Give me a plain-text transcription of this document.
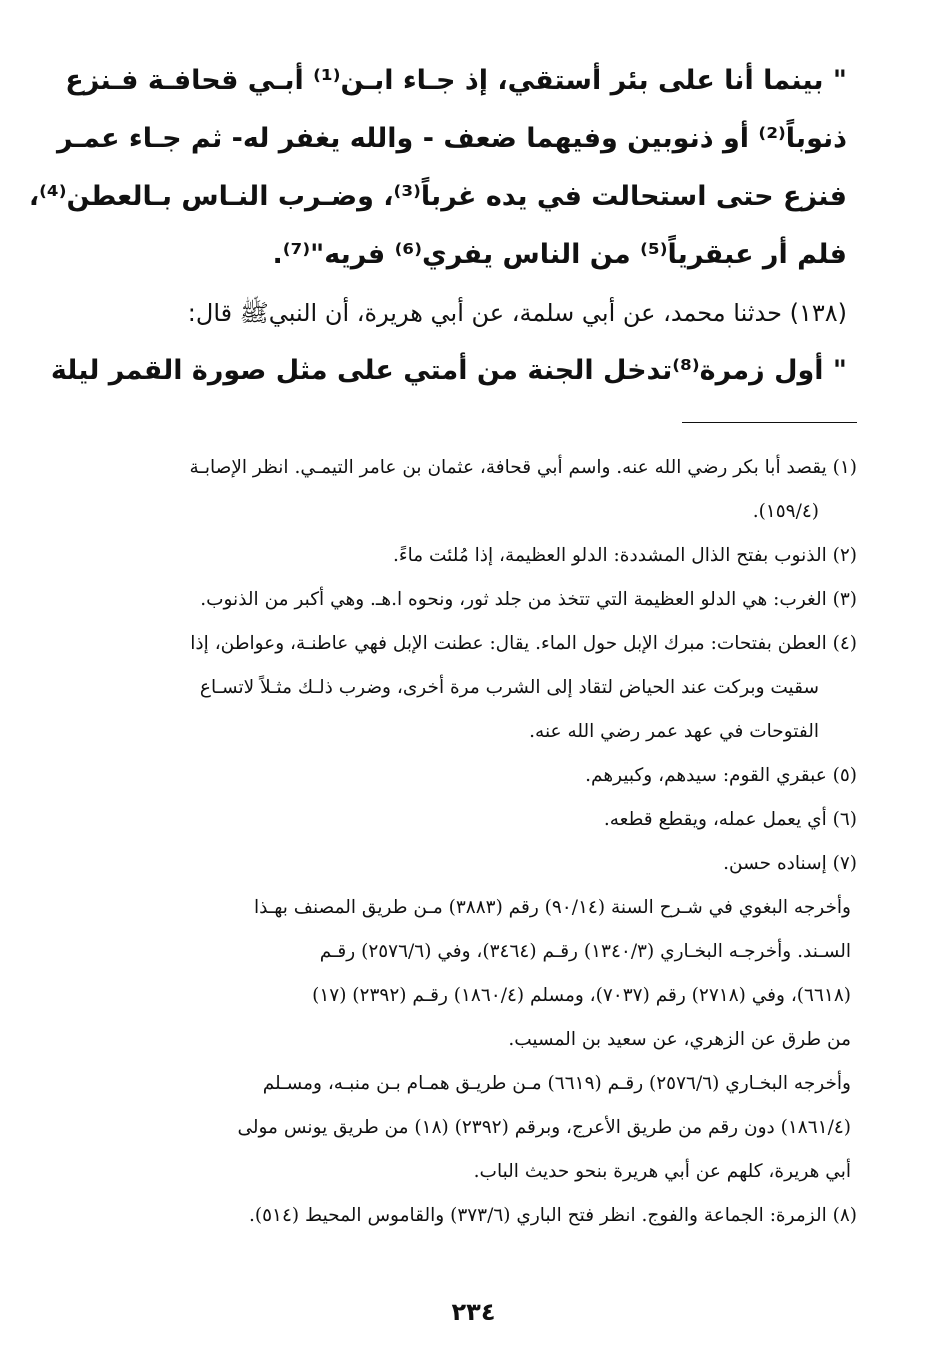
" بينما أنا على بئر أستقي، إذ جـاء ابـن⁽¹⁾ أبـي قحافـة فـنزع
ذنوباً⁽²⁾ أو ذنوبين وفيهما ضعف - والله يغفر له- ثم جـاء عمـر
فنزع حتى استحالت في يده غرباً⁽³⁾، وضـرب النـاس بـالعطن⁽⁴⁾،
فلم أر عبقرياً⁽⁵⁾ من الناس يفري⁽⁶⁾ فريه"⁽⁷⁾.
(١٣٨) حدثنا محمد، عن أبي سلمة، عن أبي هريرة، أن النبيﷺ قال:
" أول زمرة⁽⁸⁾تدخل الجنة من أمتي على مثل صورة القمر ليلة
(١) يقصد أبا بكر رضي الله عنه. واسم أبي قحافة، عثمان بن عامر التيمـي. انظر الإصابـة
(١٥٩/٤).
(٢) الذنوب بفتح الذال المشددة: الدلو العظيمة، إذا مُلئت ماءً.
(٣) الغرب: هي الدلو العظيمة التي تتخذ من جلد ثور، ونحوه ا.هـ. وهي أكبر من الذنوب.
(٤) العطن بفتحات: مبرك الإبل حول الماء. يقال: عطنت الإبل فهي عاطنـة، وعواطن، إذا
سقيت وبركت عند الحياض لتقاد إلى الشرب مرة أخرى، وضرب ذلـك مثـلاً لاتسـاع
الفتوحات في عهد عمر رضي الله عنه.
(٥) عبقري القوم: سيدهم، وكبيرهم.
(٦) أي يعمل عمله، ويقطع قطعه.
(٧) إسناده حسن.
وأخرجه البغوي في شـرح السنة (٩٠/١٤) رقم (٣٨٨٣) مـن طريق المصنف بهـذا
السـند. وأخرجـه البخـاري (١٣٤٠/٣) رقـم (٣٤٦٤)، وفي (٢٥٧٦/٦) رقـم
(٦٦١٨)، وفي (٢٧١٨) رقم (٧٠٣٧)، ومسلم (١٨٦٠/٤) رقـم (٢٣٩٢) (١٧)
من طرق عن الزهري، عن سعيد بن المسيب.
وأخرجه البخـاري (٢٥٧٦/٦) رقـم (٦٦١٩) مـن طريـق همـام بـن منبـه، ومسـلم
(١٨٦١/٤) دون رقم من طريق الأعرج، وبرقم (٢٣٩٢) (١٨) من طريق يونس مولى
أبي هريرة، كلهم عن أبي هريرة بنحو حديث الباب.
(٨) الزمرة: الجماعة والفوج. انظر فتح الباري (٣٧٣/٦) والقاموس المحيط (٥١٤).
٢٣٤
